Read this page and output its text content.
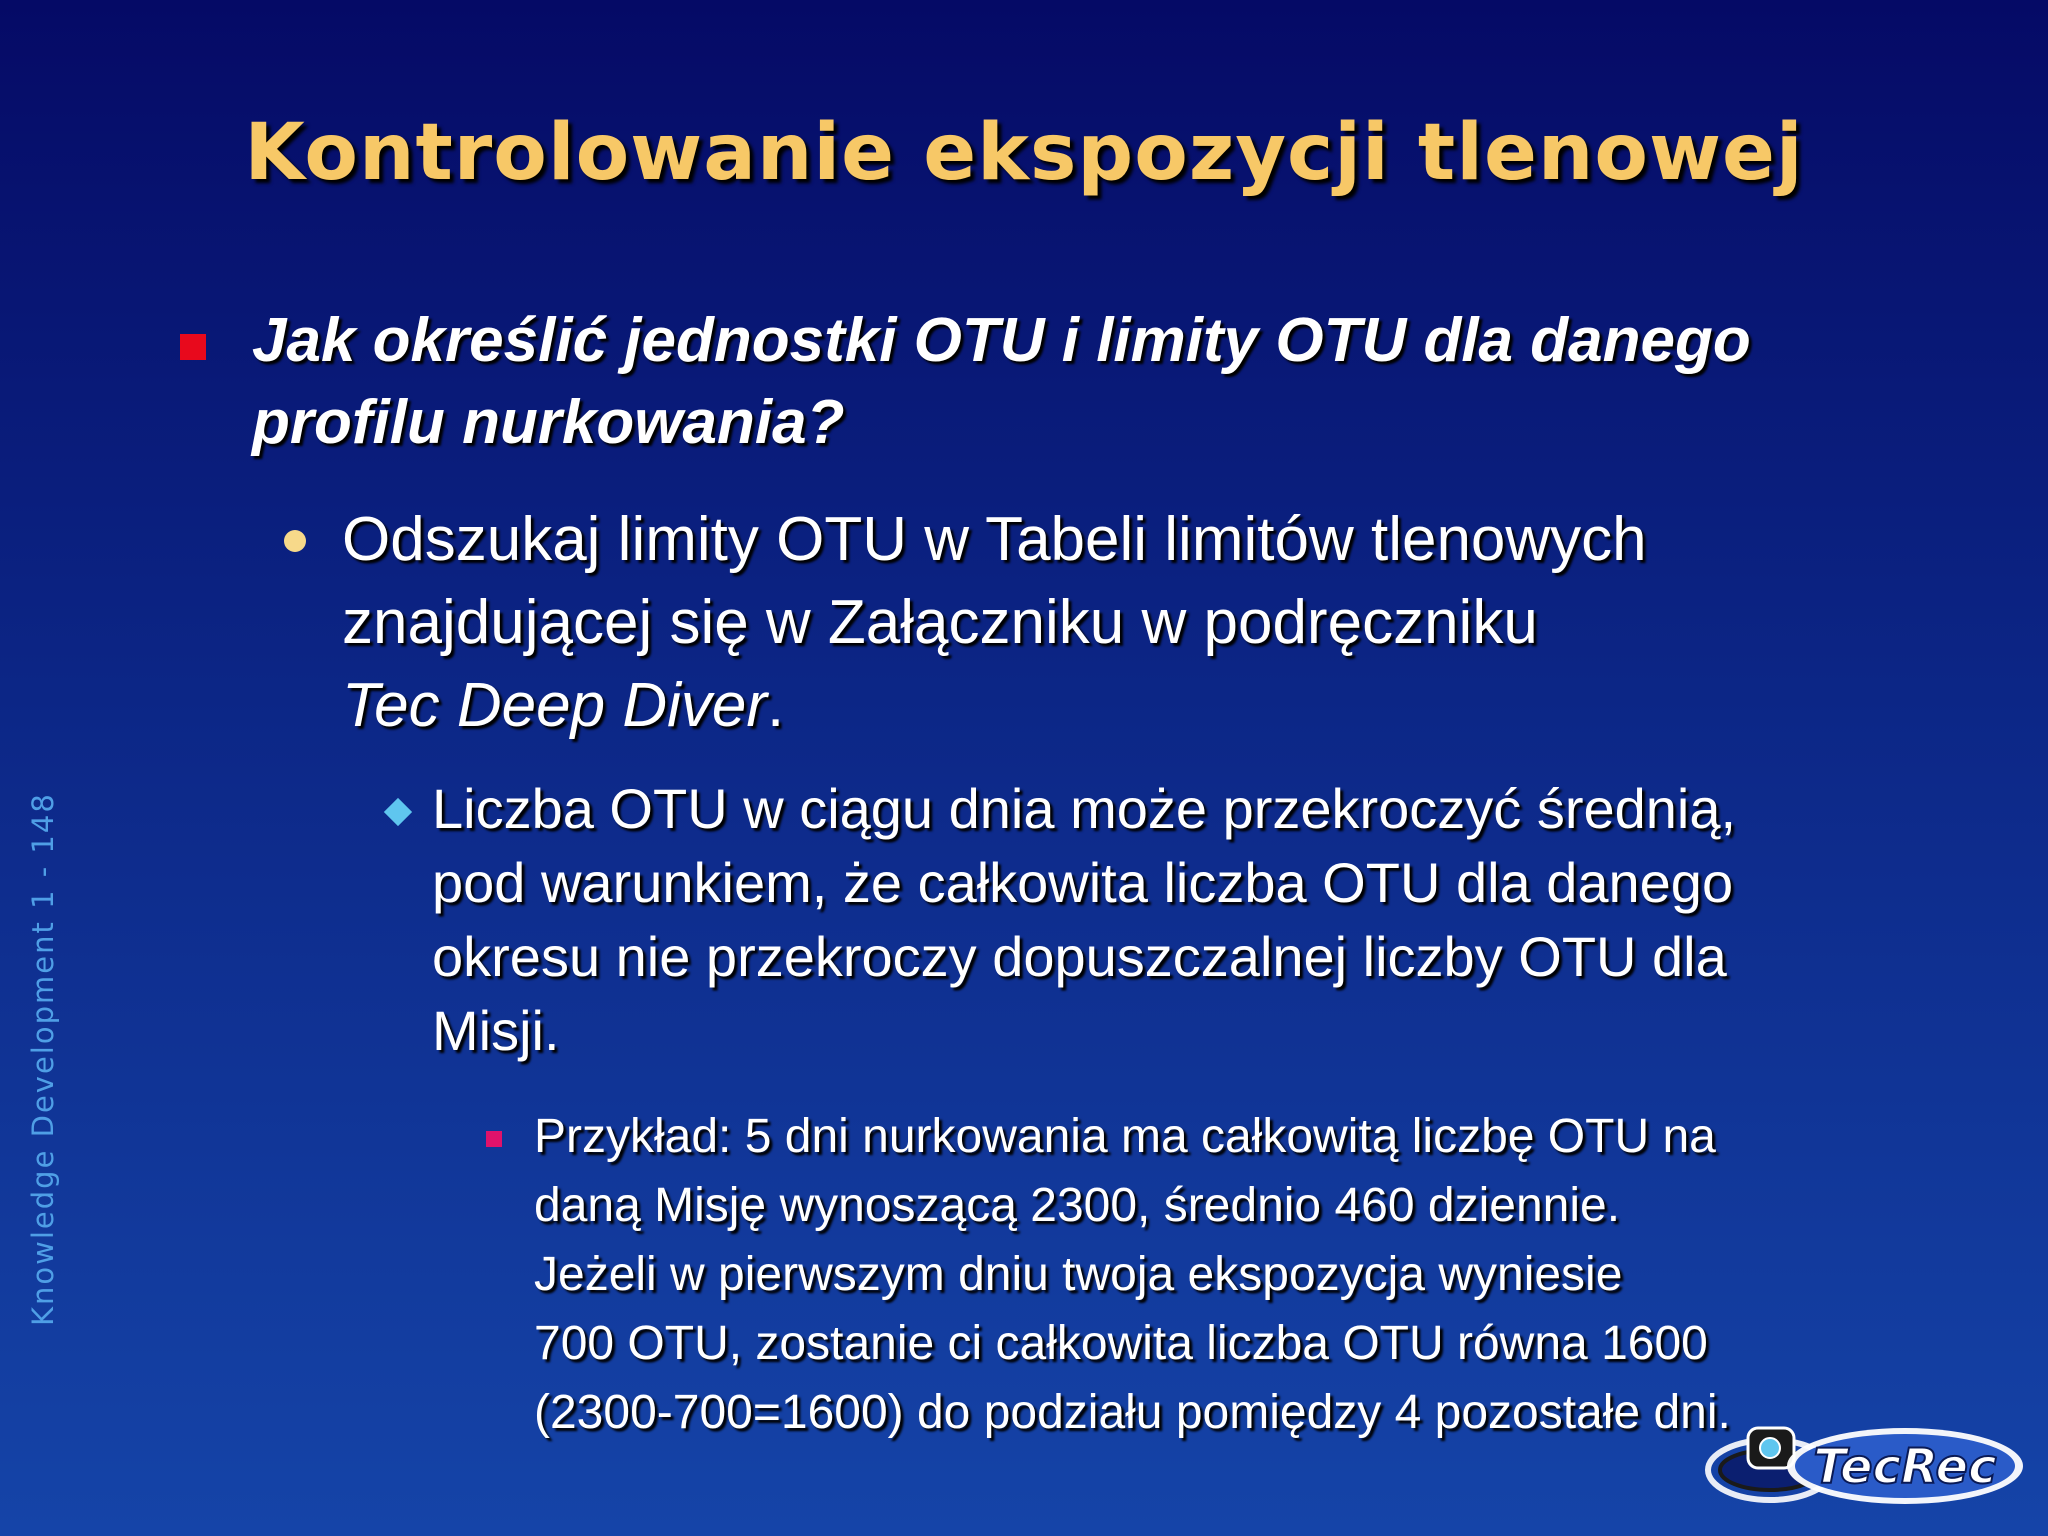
Kontrolowanie ekspozycji tlenowej
Knowledge Development 1 - 148

Jak określić jednostki OTU i limity OTU dla danego
profilu nurkowania?

Odszukaj limity OTU w Tabeli limitów tlenowych
znajdującej się w Załączniku w podręczniku
Tec Deep Diver.

Liczba OTU w ciągu dnia może przekroczyć średnią,
pod warunkiem, że całkowita liczba OTU dla danego
okresu nie przekroczy dopuszczalnej liczby OTU dla
Misji.

Przykład: 5 dni nurkowania ma całkowitą liczbę OTU na
daną Misję wynoszącą 2300, średnio 460 dziennie.
Jeżeli w pierwszym dniu twoja ekspozycja wyniesie
700 OTU, zostanie ci całkowita liczba OTU równa 1600
(2300-700=1600) do podziału pomiędzy 4 pozostałe dni.

TecRec
